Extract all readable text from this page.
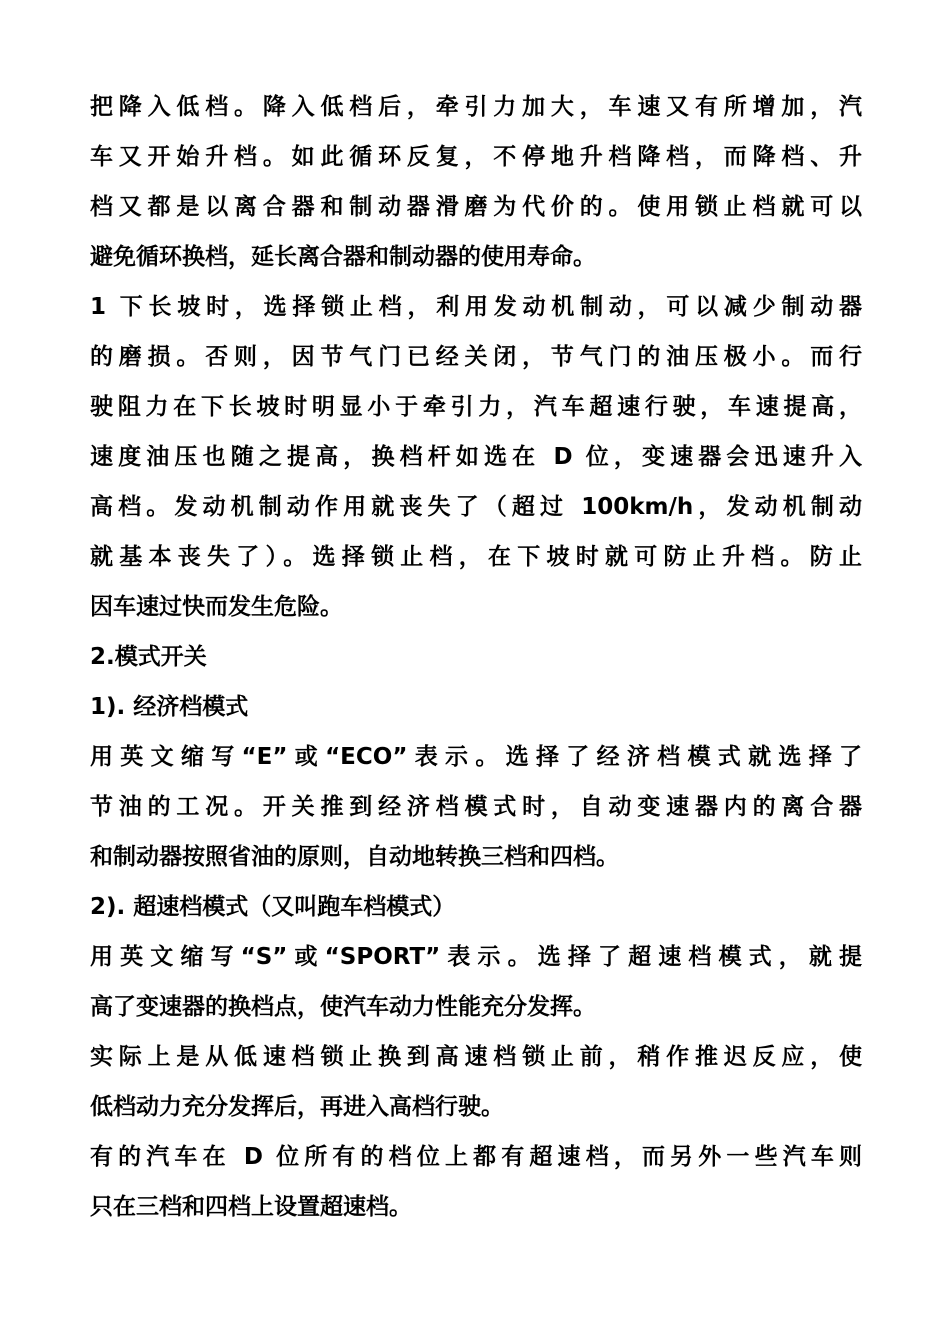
把降入低档。降入低档后，牵引力加大，车速又有所增加，汽
车又开始升档。如此循环反复，不停地升档降档，而降档、升
档又都是以离合器和制动器滑磨为代价的。使用锁止档就可以
避免循环换档，延长离合器和制动器的使用寿命。
1 下长坡时，选择锁止档，利用发动机制动，可以减少制动器
的磨损。否则，因节气门已经关闭，节气门的油压极小。而行
驶阻力在下长坡时明显小于牵引力，汽车超速行驶，车速提高，
速度油压也随之提高，换档杆如选在 D 位，变速器会迅速升入
高档。发动机制动作用就丧失了（超过 100km/h，发动机制动
就基本丧失了）。选择锁止档，在下坡时就可防止升档。防止
因车速过快而发生危险。
2.模式开关
1). 经济档模式
用英文缩写“E”或“ECO”表示。选择了经济档模式就选择了
节油的工况。开关推到经济档模式时，自动变速器内的离合器
和制动器按照省油的原则，自动地转换三档和四档。
2). 超速档模式（又叫跑车档模式）
用英文缩写“S”或“SPORT”表示。选择了超速档模式，就提
高了变速器的换档点，使汽车动力性能充分发挥。
实际上是从低速档锁止换到高速档锁止前，稍作推迟反应，使
低档动力充分发挥后，再进入高档行驶。
有的汽车在 D 位所有的档位上都有超速档，而另外一些汽车则
只在三档和四档上设置超速档。
